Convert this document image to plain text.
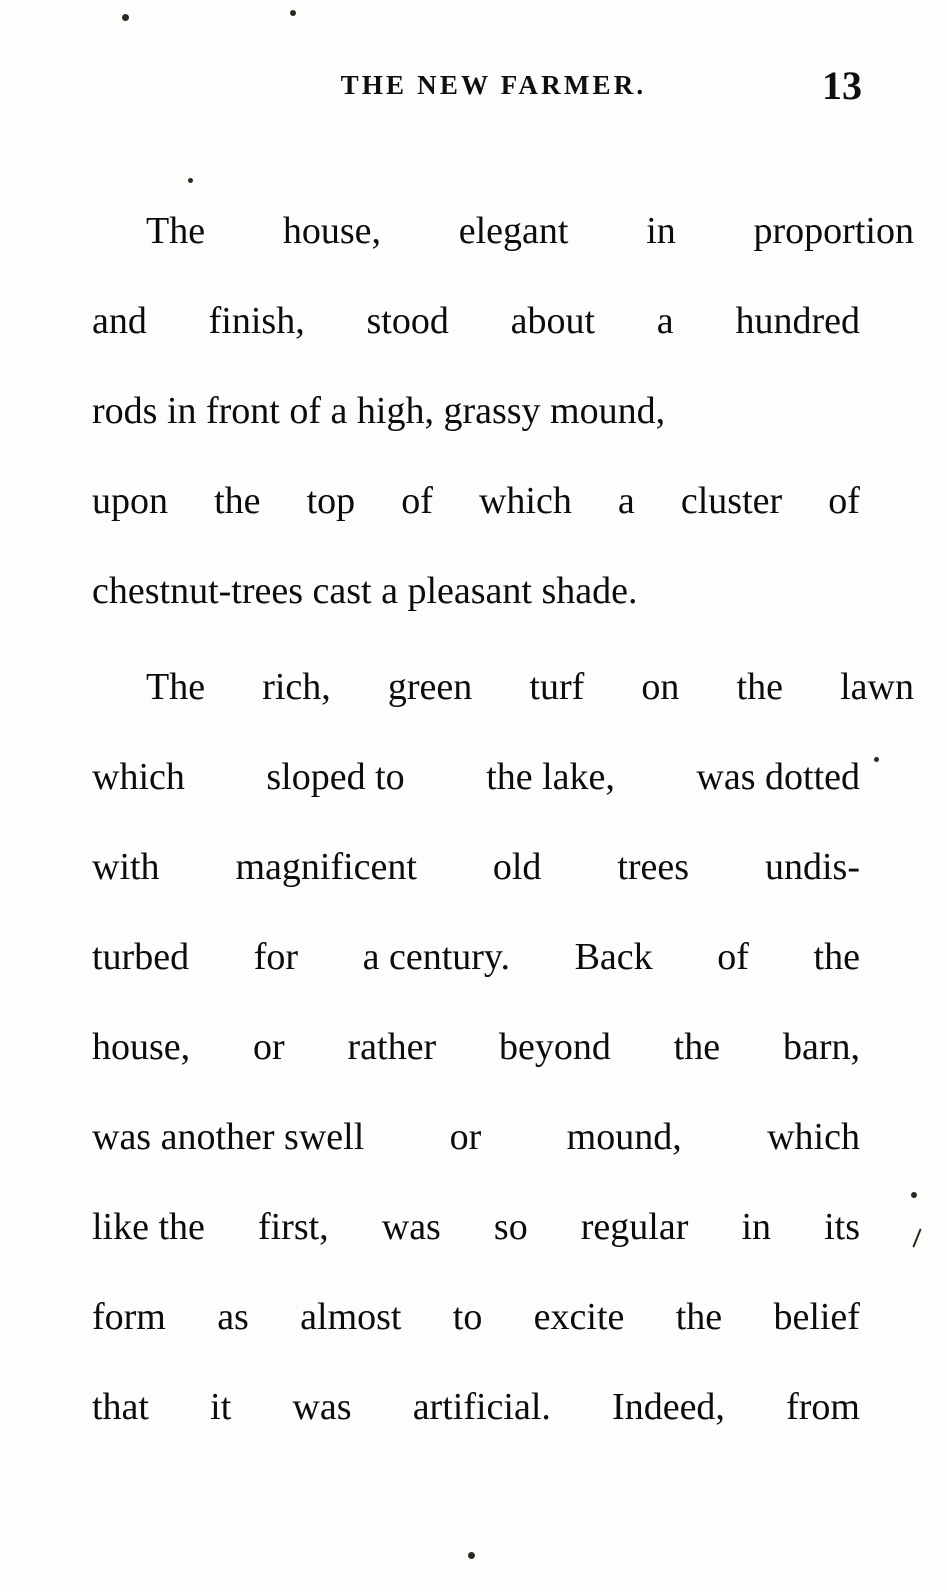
THE NEW FARMER.	13
The house, elegant in proportion
and finish, stood about a hundred
rods in front of a high, grassy mound,
upon the top of which a cluster of
chestnut-trees cast a pleasant shade.
The rich, green turf on the lawn
which sloped to the lake, was dotted
with magnificent old trees undis-
turbed for a century. Back of the
house, or rather beyond the barn,
was another swell or mound, which
like the first, was so regular in its
form as almost to excite the belief
that it was artificial. Indeed, from
